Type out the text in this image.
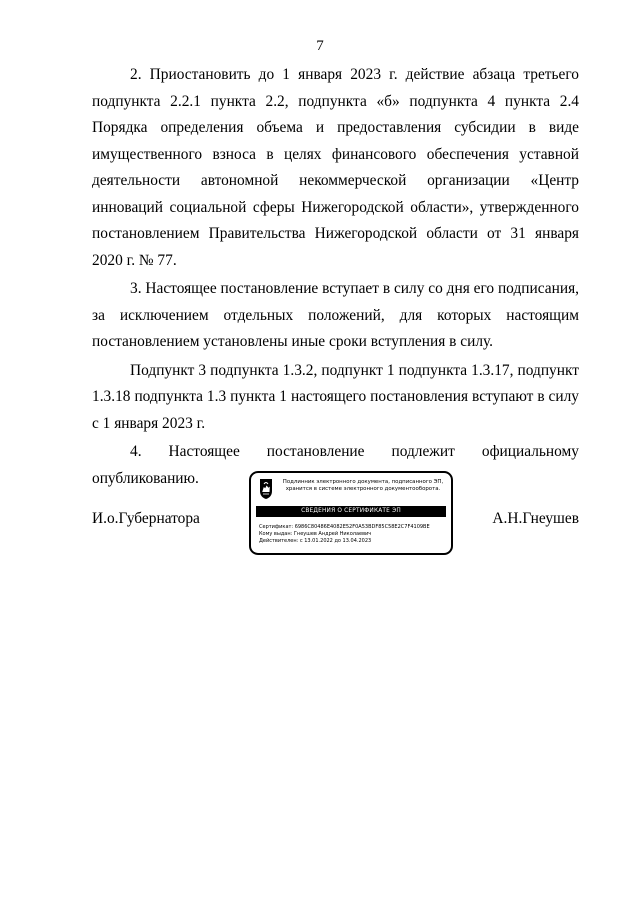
7

2. Приостановить до 1 января 2023 г. действие абзаца третьего подпункта 2.2.1 пункта 2.2, подпункта «б» подпункта 4 пункта 2.4 Порядка определения объема и предоставления субсидии в виде имущественного взноса в целях финансового обеспечения уставной деятельности автономной некоммерческой организации «Центр инноваций социальной сферы Нижегородской области», утвержденного постановлением Правительства Нижегородской области от 31 января 2020 г. № 77.

3. Настоящее постановление вступает в силу со дня его подписания, за исключением отдельных положений, для которых настоящим постановлением установлены иные сроки вступления в силу.

Подпункт 3 подпункта 1.3.2, подпункт 1 подпункта 1.3.17, подпункт 1.3.18 подпункта 1.3 пункта 1 настоящего постановления вступают в силу с 1 января 2023 г.

4. Настоящее постановление подлежит официальному опубликованию.

И.о.Губернатора
Подлинник электронного документа, подписанного ЭП, хранится в системе электронного документооборота.
СВЕДЕНИЯ О СЕРТИФИКАТЕ ЭП
Сертификат: 6986C80486E4082E52F0A53BDF85C58E2C7F4109BE
Кому выдан: Гнеушев Андрей Николаевич
Действителен: с 13.01.2022 до 13.04.2023
А.Н.Гнеушев
